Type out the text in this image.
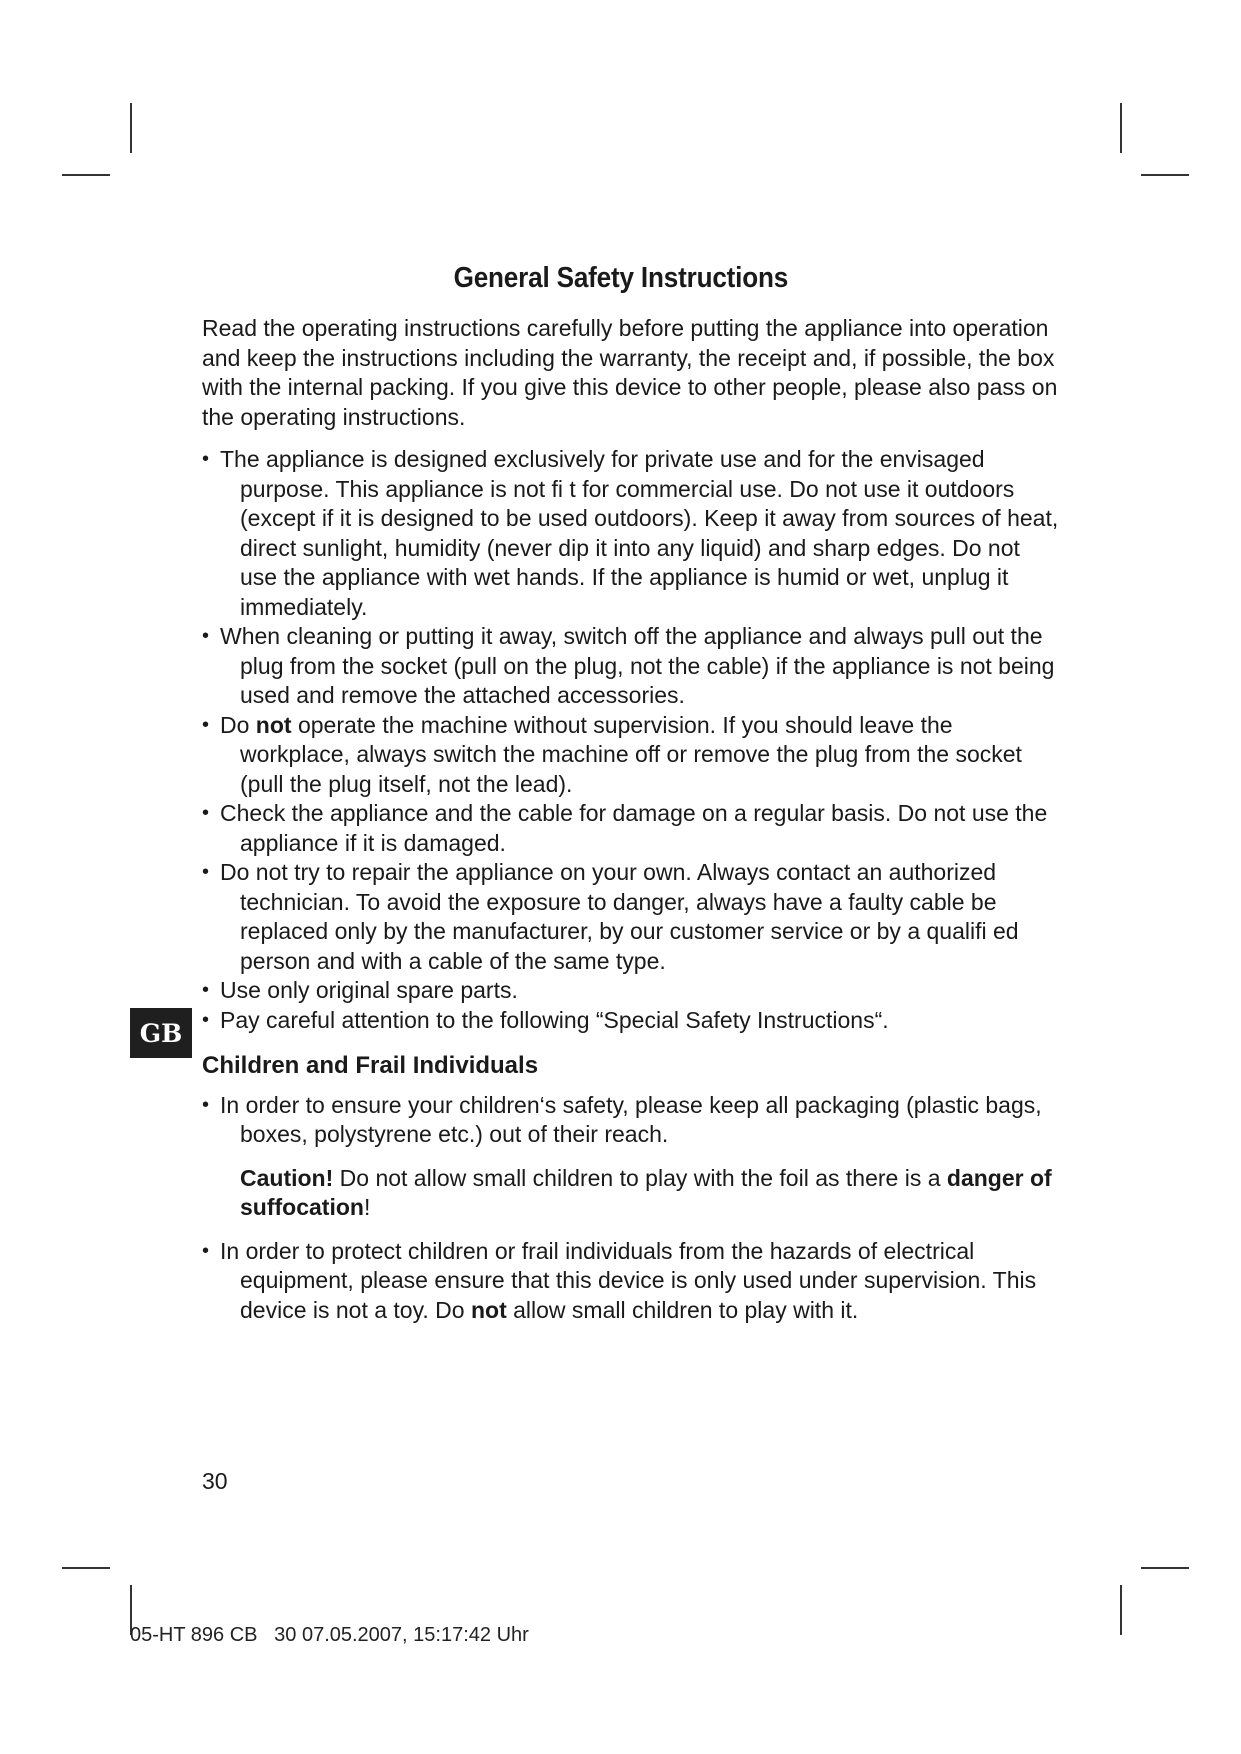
General Safety Instructions

Read the operating instructions carefully before putting the appliance into operation and keep the instructions including the warranty, the receipt and, if possible, the box with the internal packing. If you give this device to other people, please also pass on the operating instructions.

• The appliance is designed exclusively for private use and for the envisaged purpose. This appliance is not fi t for commercial use. Do not use it outdoors (except if it is designed to be used outdoors). Keep it away from sources of heat, direct sunlight, humidity (never dip it into any liquid) and sharp edges. Do not use the appliance with wet hands. If the appliance is humid or wet, unplug it immediately.
• When cleaning or putting it away, switch off the appliance and always pull out the plug from the socket (pull on the plug, not the cable) if the appliance is not being used and remove the attached accessories.
• Do not operate the machine without supervision. If you should leave the workplace, always switch the machine off or remove the plug from the socket (pull the plug itself, not the lead).
• Check the appliance and the cable for damage on a regular basis. Do not use the appliance if it is damaged.
• Do not try to repair the appliance on your own. Always contact an authorized technician. To avoid the exposure to danger, always have a faulty cable be replaced only by the manufacturer, by our customer service or by a qualifi ed person and with a cable of the same type.
• Use only original spare parts.
• Pay careful attention to the following “Special Safety Instructions“.

Children and Frail Individuals

• In order to ensure your children‘s safety, please keep all packaging (plastic bags, boxes, polystyrene etc.) out of their reach.

Caution! Do not allow small children to play with the foil as there is a danger of suffocation!

• In order to protect children or frail individuals from the hazards of electrical equipment, please ensure that this device is only used under supervision. This device is not a toy. Do not allow small children to play with it.
GB
30
05-HT 896 CB   30 07.05.2007, 15:17:42 Uhr
